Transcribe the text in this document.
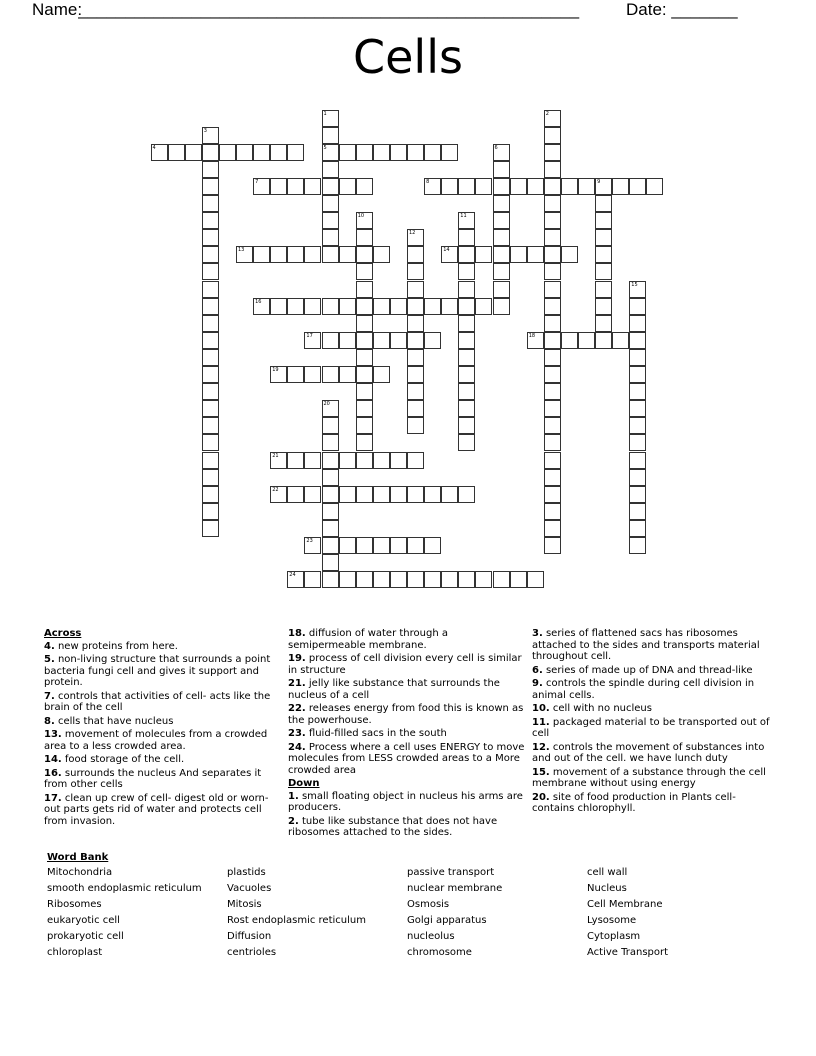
Name:
_____________________________________________________	Date: _______
Cells
1
5
2
3
4	6
7	8	9
10	11
12
13	14
15
16
17	18
19
20
21
22
23
24
Across
4. new proteins from here.
5. non-living structure that surrounds a point bacteria fungi cell and gives it support and protein.
7. controls that activities of cell- acts like the brain of the cell
8. cells that have nucleus
13. movement of molecules from a crowded area to a less crowded area.
14. food storage of the cell.
16. surrounds the nucleus And separates it from other cells
17. clean up crew of cell- digest old or worn-out parts gets rid of water and protects cell from invasion.
18. diffusion of water through a semipermeable membrane.
19. process of cell division every cell is similar in structure
21. jelly like substance that surrounds the nucleus of a cell
22. releases energy from food this is known as the powerhouse.
23. fluid-filled sacs in the south
24. Process where a cell uses ENERGY to move molecules from LESS crowded areas to a More crowded area
Down
1. small floating object in nucleus his arms are producers.
2. tube like substance that does not have ribosomes attached to the sides.
3. series of flattened sacs has ribosomes attached to the sides and transports material throughout cell.
6. series of made up of DNA and thread-like
9. controls the spindle during cell division in animal cells.
10. cell with no nucleus
11. packaged material to be transported out of cell
12. controls the movement of substances into and out of the cell. we have lunch duty
15. movement of a substance through the cell membrane without using energy
20. site of food production in Plants cell- contains chlorophyll.
Word Bank
Mitochondria	plastids	passive transport	cell wall
smooth endoplasmic reticulum	Vacuoles	nuclear membrane	Nucleus
Ribosomes	Mitosis	Osmosis	Cell Membrane
eukaryotic cell	Rost endoplasmic reticulum	Golgi apparatus	Lysosome
prokaryotic cell	Diffusion	nucleolus	Cytoplasm
chloroplast	centrioles	chromosome	Active Transport
